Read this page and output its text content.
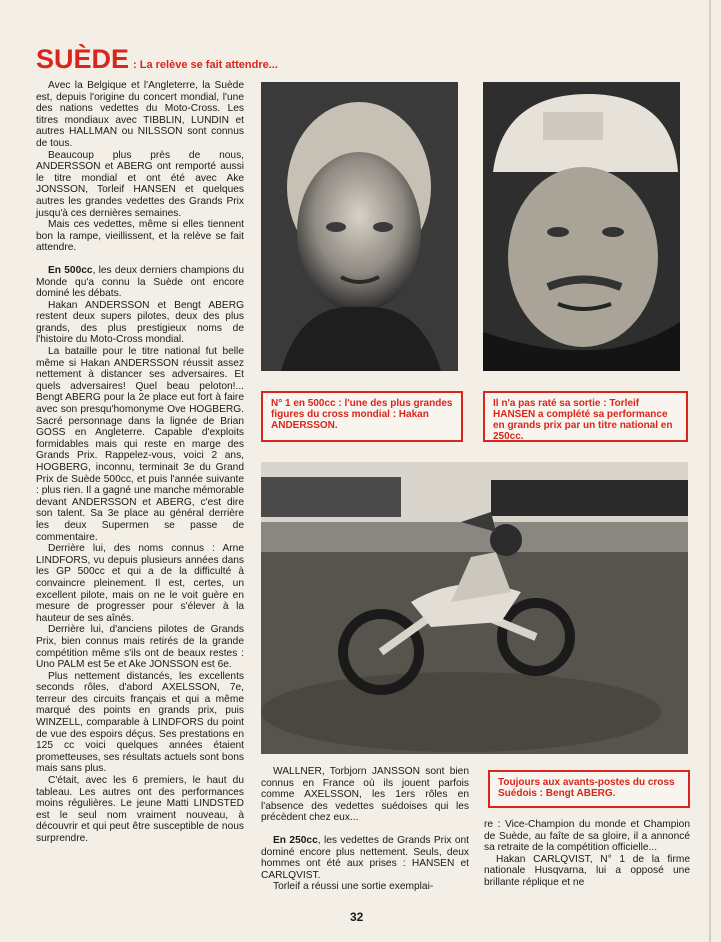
SUÈDE : La relève se fait attendre...

Avec la Belgique et l'Angleterre, la Suède est, depuis l'origine du concert mondial, l'une des nations vedettes du Moto-Cross. Les titres mondiaux avec TIBBLIN, LUNDIN et autres HALLMAN ou NILSSON sont connus de tous.

Beaucoup plus près de nous, ANDERSSON et ABERG ont remporté aussi le titre mondial et ont été avec Ake JONSSON, Torleif HANSEN et quelques autres les grandes vedettes des Grands Prix jusqu'à ces dernières semaines.

Mais ces vedettes, même si elles tiennent bon la rampe, vieillissent, et la relève se fait attendre.

En 500cc, les deux derniers champions du Monde qu'a connu la Suède ont encore dominé les débats.

Hakan ANDERSSON et Bengt ABERG restent deux supers pilotes, deux des plus grands, des plus prestigieux noms de l'histoire du Moto-Cross mondial.

La bataille pour le titre national fut belle même si Hakan ANDERSSON réussit assez nettement à distancer ses adversaires. Et quels adversaires! Quel beau peloton!... Bengt ABERG pour la 2e place eut fort à faire avec son presqu'homonyme Ove HOGBERG. Sacré personnage dans la lignée de Brian GOSS en Angleterre. Capable d'exploits formidables mais qui reste en marge des Grands Prix. Rappelez-vous, voici 2 ans, HOGBERG, inconnu, terminait 3e du Grand Prix de Suède 500cc, et puis l'année suivante : plus rien. Il a gagné une manche mémorable devant ANDERSSON et ABERG, c'est dire son talent. Sa 3e place au général derrière les deux Supermen se passe de commentaire.

Derrière lui, des noms connus : Arne LINDFORS, vu depuis plusieurs années dans les GP 500cc et qui a de la difficulté à convaincre pleinement. Il est, certes, un excellent pilote, mais on ne le voit guère en mesure de progresser pour s'élever à la hauteur de ses aînés.

Derrière lui, d'anciens pilotes de Grands Prix, bien connus mais retirés de la grande compétition même s'ils ont de beaux restes : Uno PALM est 5e et Ake JONSSON est 6e.

Plus nettement distancés, les excellents seconds rôles, d'abord AXELSSON, 7e, terreur des circuits français et qui a même marqué des points en grands prix, puis WINZELL, comparable à LINDFORS du point de vue des espoirs déçus. Ses prestations en 125 cc voici quelques années étaient prometteuses, ses résultats actuels sont bons mais sans plus.

C'était, avec les 6 premiers, le haut du tableau. Les autres ont des performances moins régulières. Le jeune Matti LINDSTED est le seul nom vraiment nouveau, à découvrir et qui peut être susceptible de nous surprendre.

N° 1 en 500cc : l'une des plus grandes figures du cross mondial : Hakan ANDERSSON.
Il n'a pas raté sa sortie : Torleif HANSEN a complété sa performance en grands prix par un titre national en 250cc.

WALLNER, Torbjorn JANSSON sont bien connus en France où ils jouent parfois comme AXELSSON, les 1ers rôles en l'absence des vedettes suédoises qui les précèdent chez eux...

En 250cc, les vedettes de Grands Prix ont dominé encore plus nettement. Seuls, deux hommes ont été aux prises : HANSEN et CARLQVIST.

Torleif a réussi une sortie exemplai-

Toujours aux avants-postes du cross Suédois : Bengt ABERG.

re : Vice-Champion du monde et Champion de Suède, au faîte de sa gloire, il a annoncé sa retraite de la compétition officielle...

Hakan CARLQVIST, N° 1 de la firme nationale Husqvarna, lui a opposé une brillante réplique et ne

32
